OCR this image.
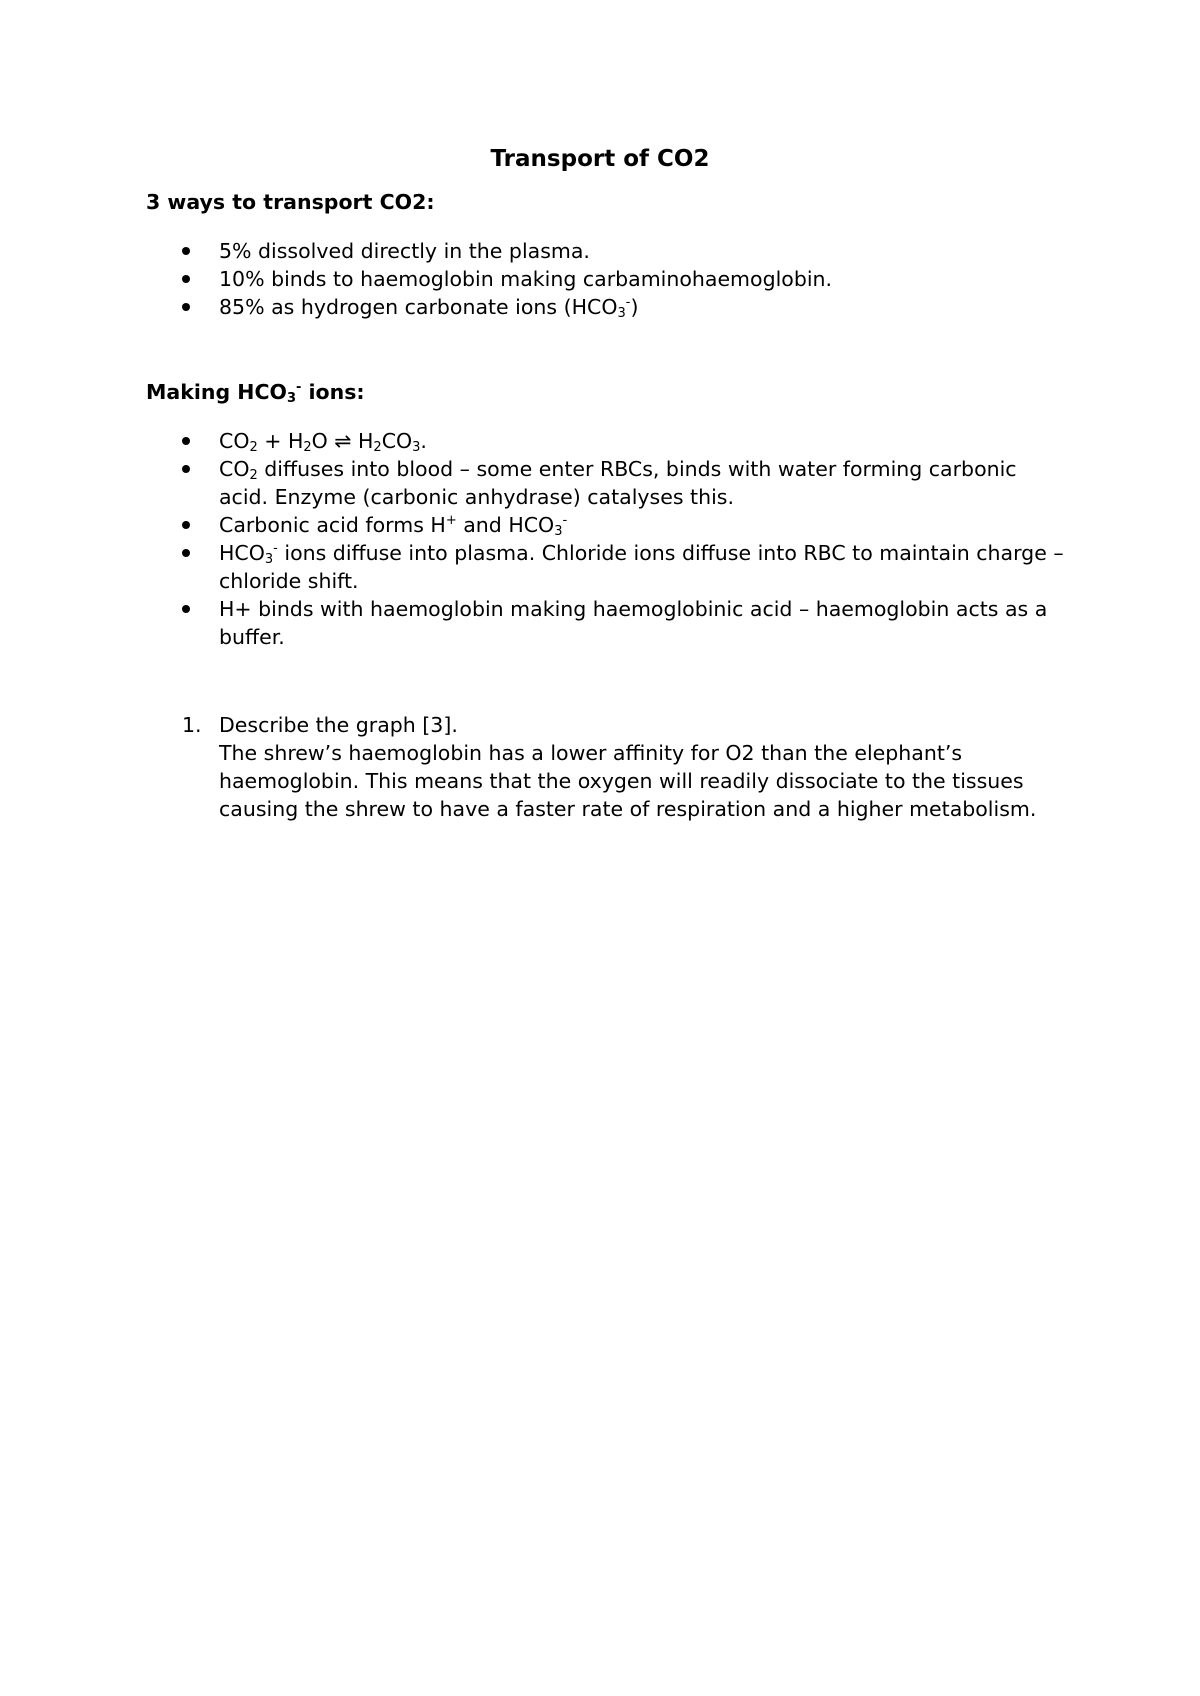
Transport of CO2
3 ways to transport CO2:
5% dissolved directly in the plasma.
10% binds to haemoglobin making carbaminohaemoglobin.
85% as hydrogen carbonate ions $(HCO_3^-)$
Making $HCO_3^-$ ions:
$CO_2 + H_2O$ ⇌ $H_2CO_3$.
$CO_2$ diffuses into blood – some enter RBCs, binds with water forming carbonic acid. Enzyme (carbonic anhydrase) catalyses this.
Carbonic acid forms H+ and $HCO_3^-$
$HCO_3^-$ ions diffuse into plasma. Chloride ions diffuse into RBC to maintain charge – chloride shift.
H+ binds with haemoglobin making haemoglobinic acid – haemoglobin acts as a buffer.
1. Describe the graph [3].
The shrew’s haemoglobin has a lower affinity for O2 than the elephant’s haemoglobin. This means that the oxygen will readily dissociate to the tissues causing the shrew to have a faster rate of respiration and a higher metabolism.
